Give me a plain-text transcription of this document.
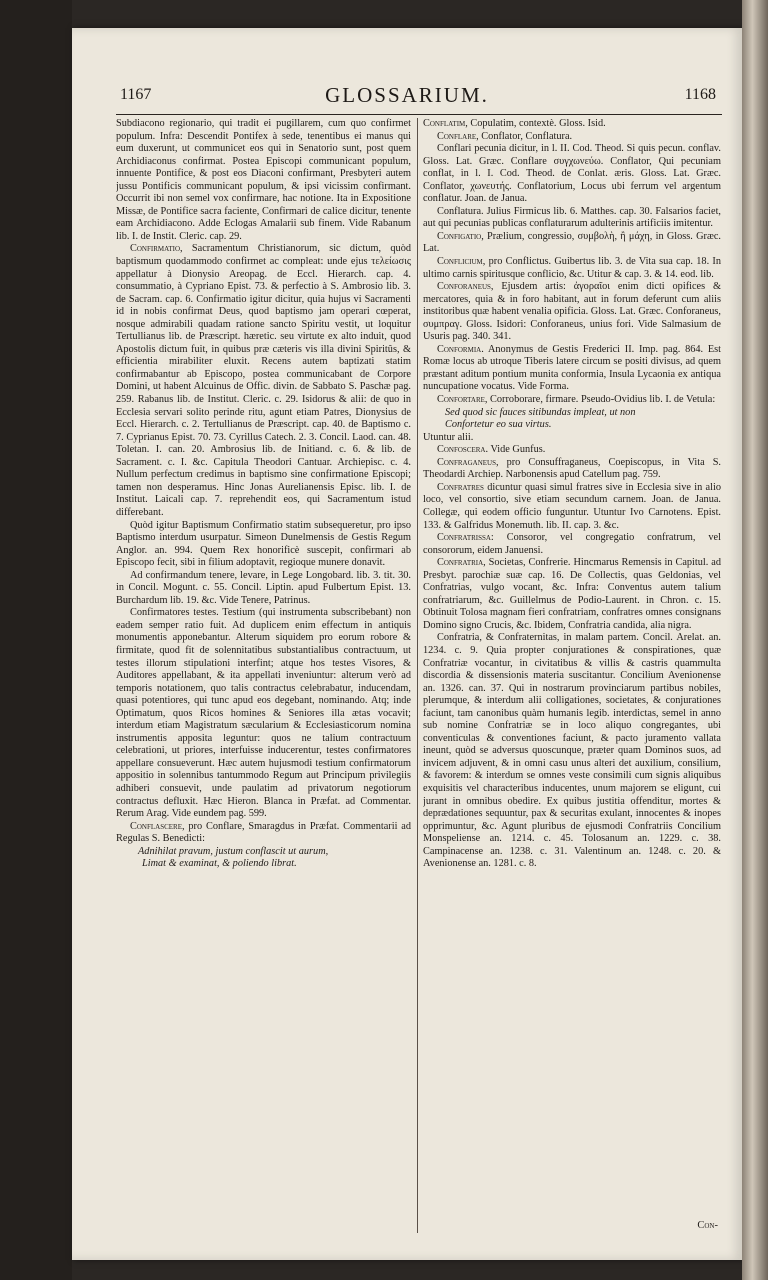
1167	GLOSSARIUM.	1168

Subdiacono regionario, qui tradit ei pugillarem, cum quo confirmet populum. Infra: Descendit Pontifex à sede, tenentibus ei manus qui eum duxerunt, ut communicet eos qui in Senatorio sunt, post quem Archidiaconus confirmat. Postea Episcopi communicant populum, innuente Pontifice, & post eos Diaconi confirmant, Presbyteri autem jussu Pontificis communicant populum, & ipsi vicissim confirmant. Occurrit ibi non semel vox confirmare, hac notione. Ita in Expositione Missæ, de Pontifice sacra faciente, Confirmari de calice dicitur, tenente eam Archidiacono. Adde Eclogas Amalarii sub finem. Vide Rabanum lib. I. de Instit. Cleric. cap. 29.

Confirmatio, Sacramentum Christianorum, sic dictum, quòd baptismum quodammodo confirmet ac compleat: unde ejus τελείωσις appellatur à Dionysio Areopag. de Eccl. Hierarch. cap. 4. consummatio, à Cypriano Epist. 73. & perfectio à S. Ambrosio lib. 3. de Sacram. cap. 6. Confirmatio igitur dicitur, quia hujus vi Sacramenti id in nobis confirmat Deus, quod baptismo jam operari cœperat, nosque admirabili quadam ratione sancto Spiritu vestit, ut loquitur Tertullianus lib. de Præscript. hæretic. seu virtute ex alto induit, quod Apostolis dictum fuit, in quibus præ cæteris vis illa divini Spiritûs, & efficientia mirabiliter eluxit. Recens autem baptizati statim confirmabantur ab Episcopo, postea communicabant de Corpore Domini, ut habent Alcuinus de Offic. divin. de Sabbato S. Paschæ pag. 259. Rabanus lib. de Institut. Cleric. c. 29. Isidorus & alii: de quo in Ecclesia servari solito perinde ritu, agunt etiam Patres, Dionysius de Eccl. Hierarch. c. 2. Tertullianus de Præscript. cap. 40. de Baptismo c. 7. Cyprianus Epist. 70. 73. Cyrillus Catech. 2. 3. Concil. Laod. can. 48. Toletan. I. can. 20. Ambrosius lib. de Initiand. c. 6. & lib. de Sacrament. c. I. &c. Capitula Theodori Cantuar. Archiepisc. c. 4. Nullum perfectum credimus in baptismo sine confirmatione Episcopi; tamen non desperamus. Hinc Jonas Aurelianensis Episc. lib. I. de Institut. Laicali cap. 7. reprehendit eos, qui Sacramentum istud differebant.

Quòd igitur Baptismum Confirmatio statim subsequeretur, pro ipso Baptismo interdum usurpatur. Simeon Dunelmensis de Gestis Regum Anglor. an. 994. Quem Rex honorificè suscepit, confirmari ab Episcopo fecit, sibi in filium adoptavit, regioque munere donavit.

Ad confirmandum tenere, levare, in Lege Longobard. lib. 3. tit. 30. in Concil. Mogunt. c. 55. Concil. Liptin. apud Fulbertum Epist. 13. Burchardum lib. 19. &c. Vide Tenere, Patrinus.

Confirmatores testes. Testium (qui instrumenta subscribebant) non eadem semper ratio fuit. Ad duplicem enim effectum in antiquis monumentis apponebantur. Alterum siquidem pro eorum robore & firmitate, quod fit de solennitatibus substantialibus contractuum, ut testes illorum stipulationi interfint; atque hos testes Visores, & Auditores appellabant, & ita appellati inveniuntur: alterum verò ad temporis notationem, quo talis contractus celebrabatur, inducendam, quasi potentiores, qui tunc apud eos degebant, nominando. Atq; inde Optimatum, quos Ricos homines & Seniores illa ætas vocavit; interdum etiam Magistratum sæcularium & Ecclesiasticorum nomina instrumentis apposita leguntur: quos ne talium contractuum celebrationi, ut priores, interfuisse inducerentur, testes confirmatores appellare consueverunt. Hæc autem hujusmodi testium confirmatorum appositio in solennibus tantummodo Regum aut Principum privilegiis adhiberi consuevit, unde paulatim ad privatorum negotiorum contractus defluxit. Hæc Hieron. Blanca in Præfat. ad Commentar. Rerum Arag. Vide eundem pag. 599.

Conflascere, pro Conflare, Smaragdus in Præfat. Commentarii ad Regulas S. Benedicti:

Adnihilat pravum, justum conflascit ut aurum,

Limat & examinat, & poliendo librat.

Conflatim, Copulatim, contextè. Gloss. Isid.

Conflare, Conflator, Conflatura.

Conflari pecunia dicitur, in l. II. Cod. Theod. Si quis pecun. conflav. Gloss. Lat. Græc. Conflare συγχωνεύω. Conflator, Qui pecuniam conflat, in l. I. Cod. Theod. de Conlat. æris. Gloss. Lat. Græc. Conflator, χωνευτής. Conflatorium, Locus ubi ferrum vel argentum conflatur. Joan. de Janua.

Conflatura. Julius Firmicus lib. 6. Matthes. cap. 30. Falsarios faciet, aut qui pecunias publicas conflaturarum adulterinis artificiis imitentur.

Configatio, Prælium, congressio, συμβολὴ, ἢ μάχη, in Gloss. Græc. Lat.

Conflicium, pro Conflictus. Guibertus lib. 3. de Vita sua cap. 18. In ultimo carnis spiritusque conflicio, &c. Utitur & cap. 3. & 14. eod. lib.

Conforaneus, Ejusdem artis: ἀγοραῖοι enim dicti opifices & mercatores, quia & in foro habitant, aut in forum deferunt cum aliis institoribus quæ habent venalia opificia. Gloss. Lat. Græc. Conforaneus, συμπραγ. Gloss. Isidori: Conforaneus, unius fori. Vide Salmasium de Usuris pag. 340. 341.

Conformia. Anonymus de Gestis Frederici II. Imp. pag. 864. Est Romæ locus ab utroque Tiberis latere circum se positi divisus, ad quem præstant aditum pontium munita conformia, Insula Lycaonia ex antiqua nuncupatione vocatus. Vide Forma.

Confortare, Corroborare, firmare. Pseudo-Ovidius lib. I. de Vetula:

Sed quod sic fauces sitibundas impleat, ut non

Confortetur eo sua virtus.

Utuntur alii.

Confoscera. Vide Gunfus.

Confraganeus, pro Consuffraganeus, Coepiscopus, in Vita S. Theodardi Archiep. Narbonensis apud Catellum pag. 759.

Confratres dicuntur quasi simul fratres sive in Ecclesia sive in alio loco, vel consortio, sive etiam secundum carnem. Joan. de Janua. Collegæ, qui eodem officio funguntur. Utuntur Ivo Carnotens. Epist. 133. & Galfridus Monemuth. lib. II. cap. 3. &c.

Confratrissa: Consoror, vel congregatio confratrum, vel consororum, eidem Januensi.

Confratria, Societas, Confrerie. Hincmarus Remensis in Capitul. ad Presbyt. parochiæ suæ cap. 16. De Collectis, quas Geldonias, vel Confratrias, vulgo vocant, &c. Infra: Conventus autem talium confratriarum, &c. Guillelmus de Podio-Laurent. in Chron. c. 15. Obtinuit Tolosa magnam fieri confratriam, confratres omnes consignans Domino signo Crucis, &c. Ibidem, Confratria candida, alia nigra.

Confratria, & Confraternitas, in malam partem. Concil. Arelat. an. 1234. c. 9. Quia propter conjurationes & conspirationes, quæ Confratriæ vocantur, in civitatibus & villis & castris quammulta discordia & dissensionis materia suscitantur. Concilium Avenionense an. 1326. can. 37. Qui in nostrarum provinciarum partibus nobiles, plerumque, & interdum alii colligationes, societates, & conjurationes faciunt, tam canonibus quàm humanis legib. interdictas, semel in anno sub nomine Confratriæ se in loco aliquo congregantes, ubi conventiculas & conventiones faciunt, & pacto juramento vallata ineunt, quòd se adversus quoscunque, præter quam Dominos suos, ad invicem adjuvent, & in omni casu unus alteri det auxilium, consilium, & favorem: & interdum se omnes veste consimili cum signis aliquibus exquisitis vel characteribus inducentes, unum majorem se eligunt, cui jurant in omnibus obedire. Ex quibus justitia offenditur, mortes & deprædationes sequuntur, pax & securitas exulant, innocentes & inopes opprimuntur, &c. Agunt pluribus de ejusmodi Confratriis Concilium Monspeliense an. 1214. c. 45. Tolosanum an. 1229. c. 38. Campinacense an. 1238. c. 31. Valentinum an. 1248. c. 20. & Avenionense an. 1281. c. 8.

Con-
